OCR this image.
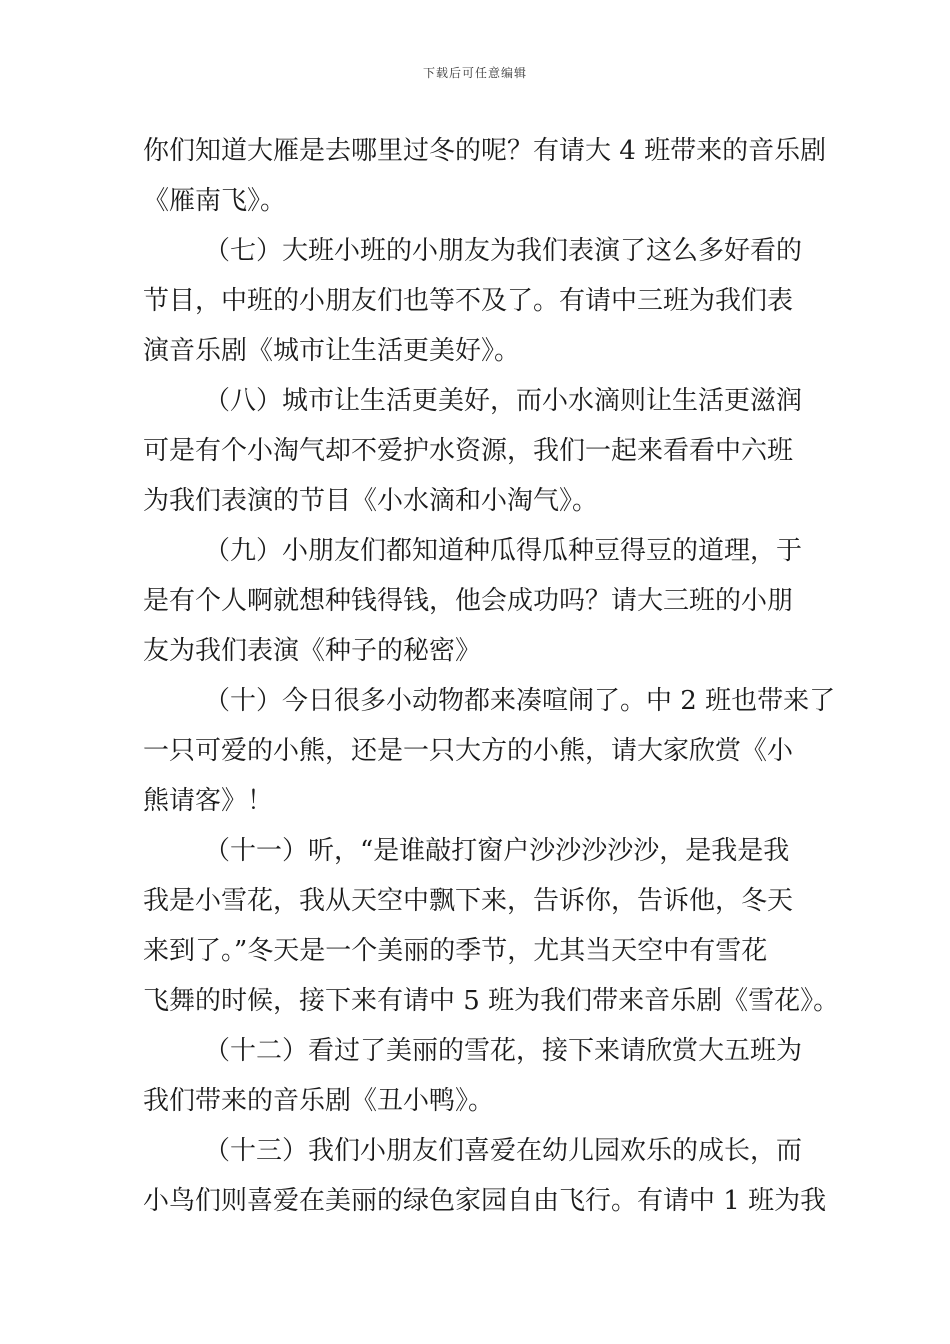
下载后可任意编辑
你们知道大雁是去哪里过冬的呢？有请大 4 班带来的音乐剧
《雁南飞》。
（七）大班小班的小朋友为我们表演了这么多好看的
节目，中班的小朋友们也等不及了。有请中三班为我们表
演音乐剧《城市让生活更美好》。
（八）城市让生活更美好，而小水滴则让生活更滋润
可是有个小淘气却不爱护水资源，我们一起来看看中六班
为我们表演的节目《小水滴和小淘气》。
（九）小朋友们都知道种瓜得瓜种豆得豆的道理，于
是有个人啊就想种钱得钱，他会成功吗？请大三班的小朋
友为我们表演《种子的秘密》
（十）今日很多小动物都来凑喧闹了。中 2 班也带来了
一只可爱的小熊，还是一只大方的小熊，请大家欣赏《小
熊请客》！
（十一）听，“是谁敲打窗户沙沙沙沙沙，是我是我
我是小雪花，我从天空中飘下来，告诉你，告诉他，冬天
来到了。”冬天是一个美丽的季节，尤其当天空中有雪花
飞舞的时候，接下来有请中 5 班为我们带来音乐剧《雪花》。
（十二）看过了美丽的雪花，接下来请欣赏大五班为
我们带来的音乐剧《丑小鸭》。
（十三）我们小朋友们喜爱在幼儿园欢乐的成长，而
小鸟们则喜爱在美丽的绿色家园自由飞行。有请中 1 班为我
